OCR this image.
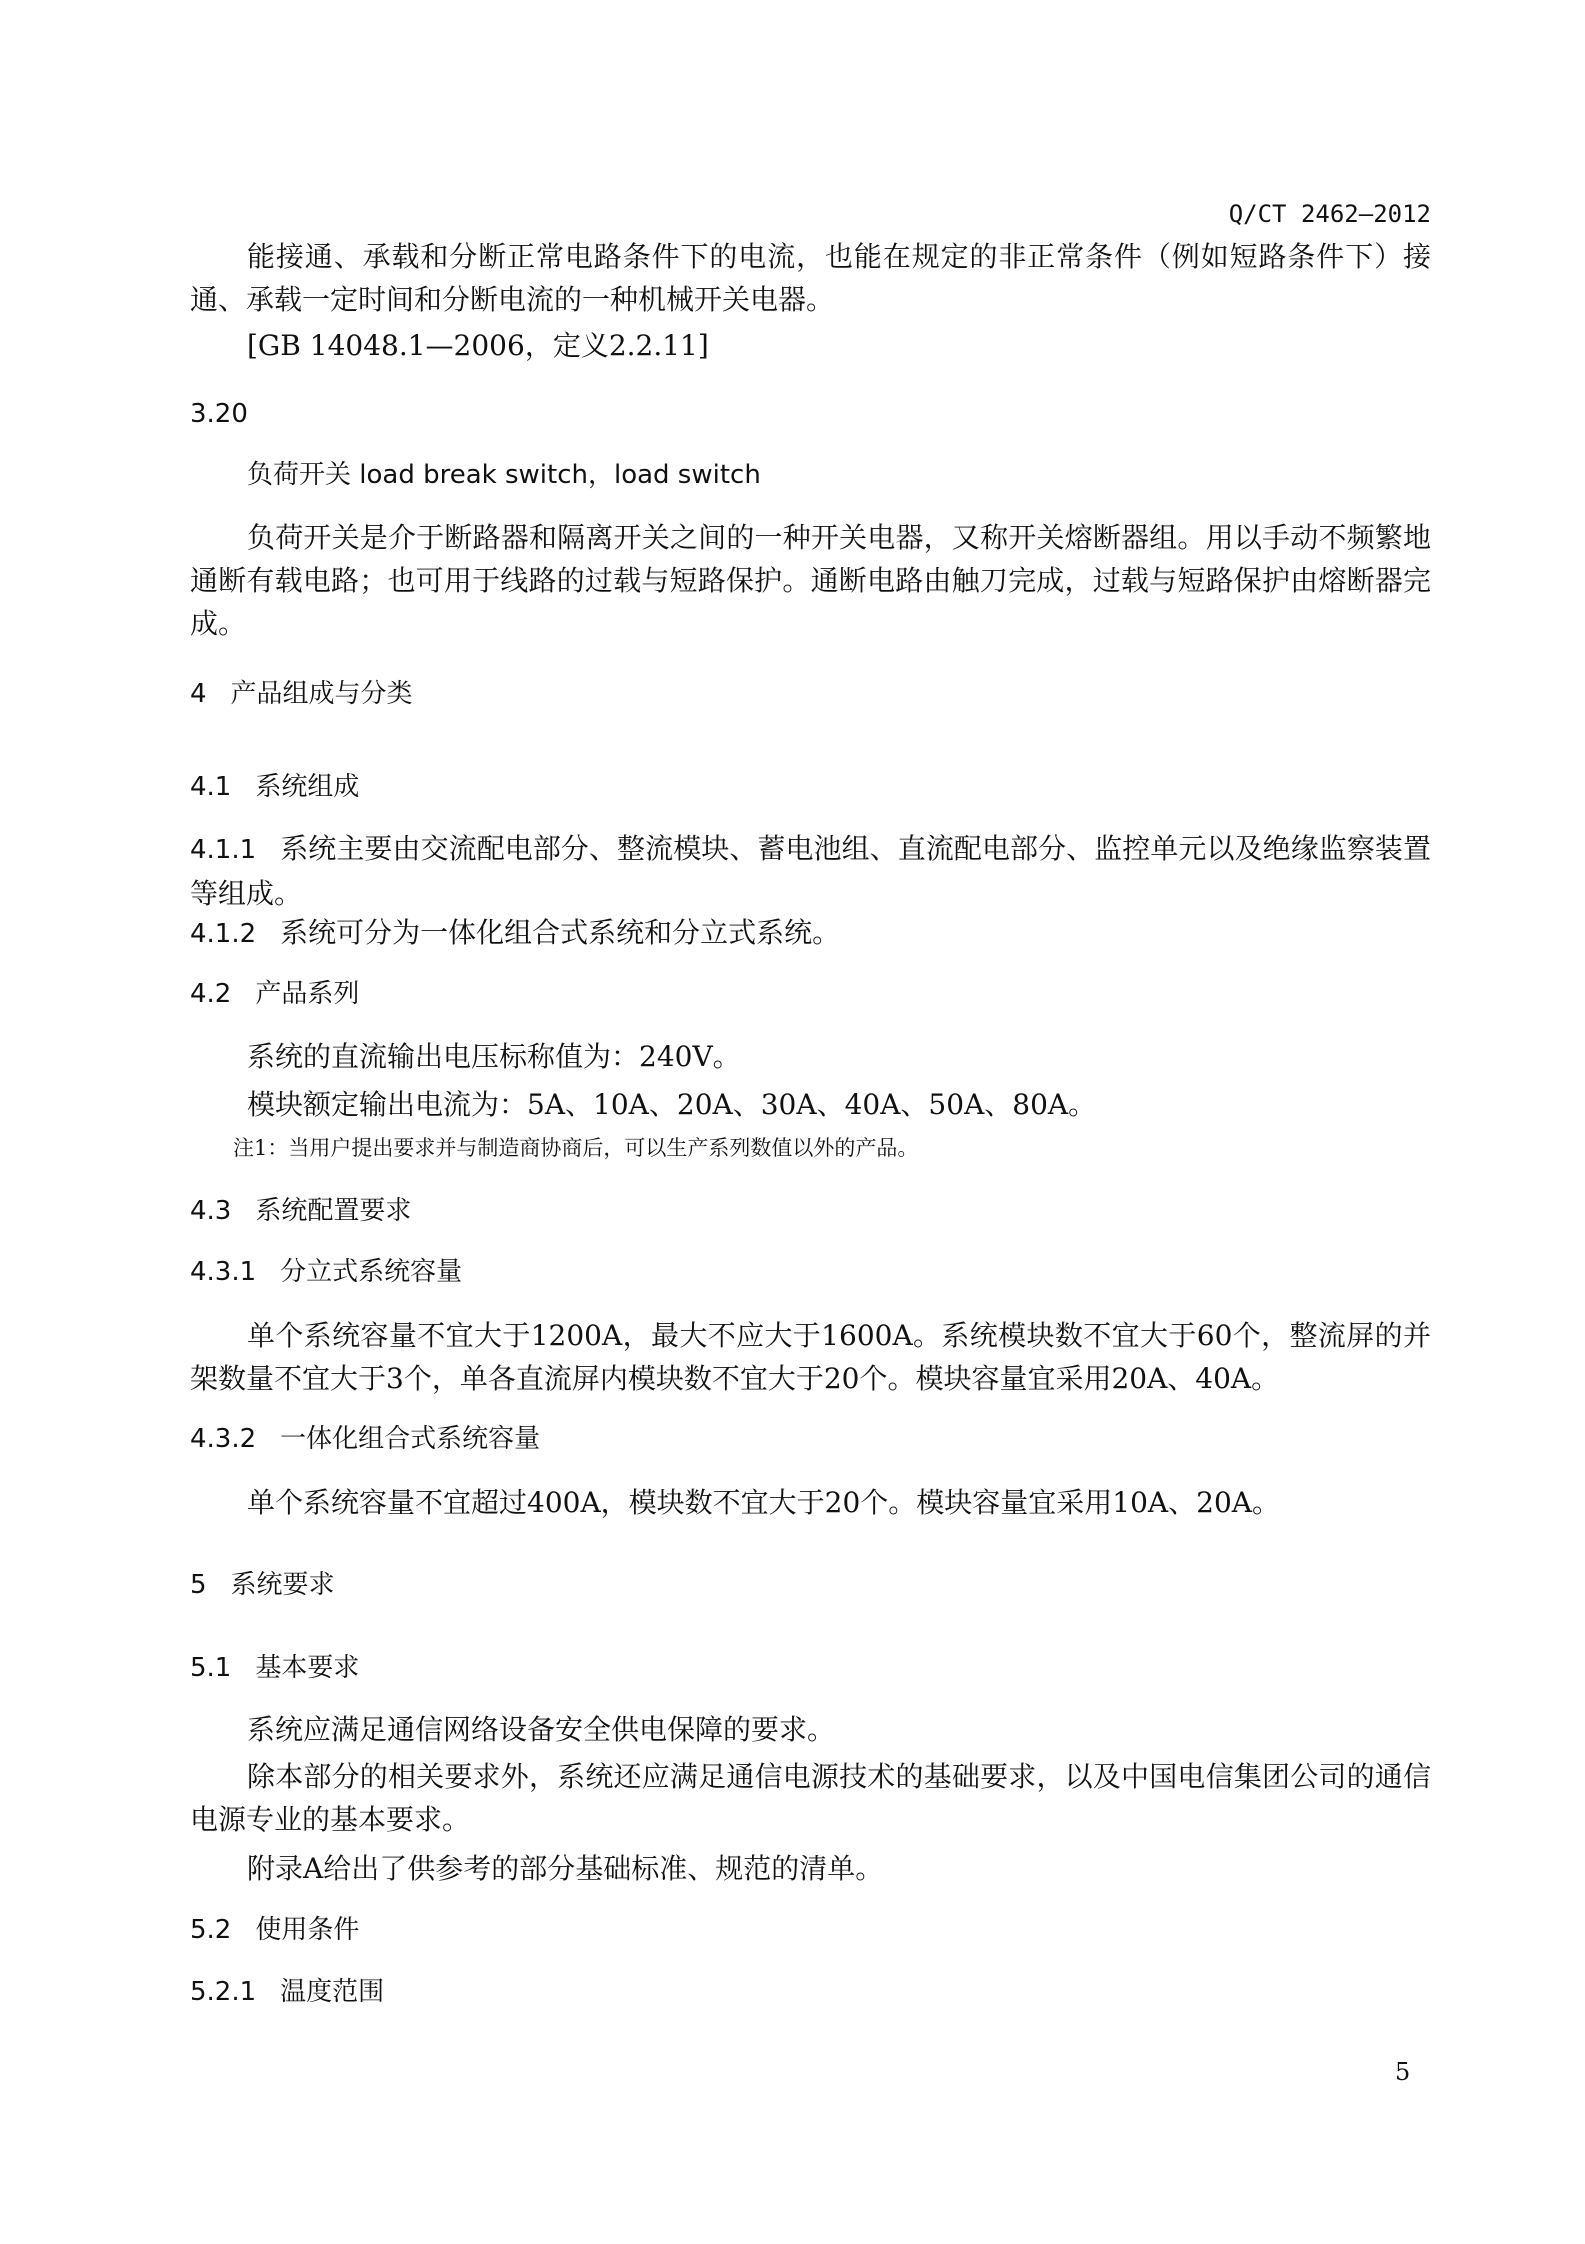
Q/CT 2462—2012
能接通、承载和分断正常电路条件下的电流，也能在规定的非正常条件（例如短路条件下）接通、承载一定时间和分断电流的一种机械开关电器。
[GB 14048.1—2006，定义2.2.11]
3.20
负荷开关 load break switch，load switch
负荷开关是介于断路器和隔离开关之间的一种开关电器，又称开关熔断器组。用以手动不频繁地通断有载电路；也可用于线路的过载与短路保护。通断电路由触刀完成，过载与短路保护由熔断器完成。
4 产品组成与分类
4.1 系统组成
4.1.1 系统主要由交流配电部分、整流模块、蓄电池组、直流配电部分、监控单元以及绝缘监察装置等组成。
4.1.2 系统可分为一体化组合式系统和分立式系统。
4.2 产品系列
系统的直流输出电压标称值为：240V。
模块额定输出电流为：5A、10A、20A、30A、40A、50A、80A。
注1：当用户提出要求并与制造商协商后，可以生产系列数值以外的产品。
4.3 系统配置要求
4.3.1 分立式系统容量
单个系统容量不宜大于1200A，最大不应大于1600A。系统模块数不宜大于60个，整流屏的并架数量不宜大于3个，单各直流屏内模块数不宜大于20个。模块容量宜采用20A、40A。
4.3.2 一体化组合式系统容量
单个系统容量不宜超过400A，模块数不宜大于20个。模块容量宜采用10A、20A。
5 系统要求
5.1 基本要求
系统应满足通信网络设备安全供电保障的要求。
除本部分的相关要求外，系统还应满足通信电源技术的基础要求，以及中国电信集团公司的通信电源专业的基本要求。
附录A给出了供参考的部分基础标准、规范的清单。
5.2 使用条件
5.2.1 温度范围
5
